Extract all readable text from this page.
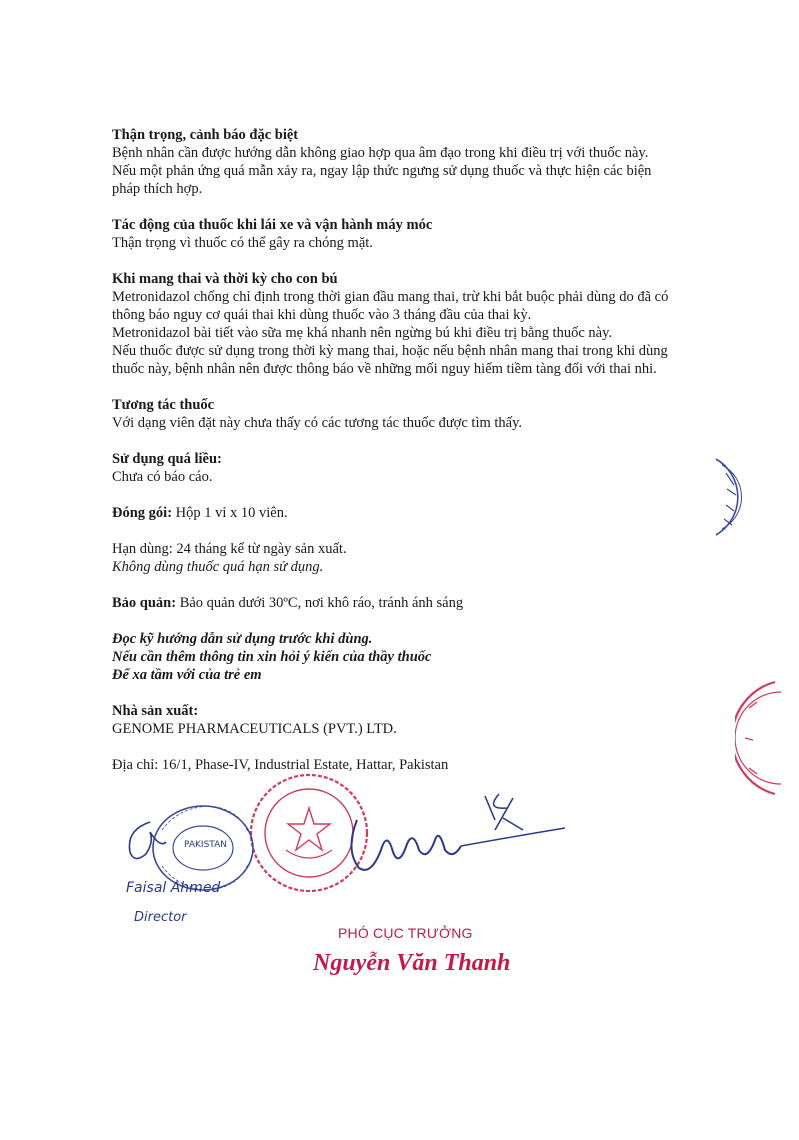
Thận trọng, cảnh báo đặc biệt

Bệnh nhân cần được hướng dẫn không giao hợp qua âm đạo trong khi điều trị với thuốc này.

Nếu một phản ứng quá mẫn xảy ra, ngay lập thức ngưng sử dụng thuốc và thực hiện các biện

pháp thích hợp.

Tác động của thuốc khi lái xe và vận hành máy móc

Thận trọng vì thuốc có thể gây ra chóng mặt.

Khi mang thai và thời kỳ cho con bú

Metronidazol chống chỉ định trong thời gian đầu mang thai, trừ khi bắt buộc phải dùng do đã có

thông báo nguy cơ quái thai khi dùng thuốc vào 3 tháng đầu của thai kỳ.

Metronidazol bài tiết vào sữa mẹ khá nhanh nên ngừng bú khi điều trị bằng thuốc này.

Nếu thuốc được sử dụng trong thời kỳ mang thai, hoặc nếu bệnh nhân mang thai trong khi dùng

thuốc này, bệnh nhân nên được thông báo về những mối nguy hiểm tiềm tàng đối với thai nhi.

Tương tác thuốc

Với dạng viên đặt này chưa thấy có các tương tác thuốc được tìm thấy.

Sử dụng quá liều:

Chưa có báo cáo.

Đóng gói: Hộp 1 vỉ x 10 viên.

Hạn dùng: 24 tháng kể từ ngày sản xuất.

Không dùng thuốc quá hạn sử dụng.

Bảo quản: Bảo quản dưới 30ºC, nơi khô ráo, tránh ánh sáng

Đọc kỹ hướng dẫn sử dụng trước khi dùng.

Nếu cần thêm thông tin xin hỏi ý kiến của thầy thuốc

Để xa tầm với của trẻ em

Nhà sản xuất:

GENOME PHARMACEUTICALS (PVT.) LTD.

Địa chỉ: 16/1, Phase-IV, Industrial Estate, Hattar, Pakistan

PAKISTAN
Faisal Ahmed
Director
PHÓ CỤC TRƯỞNG
Nguyễn Văn Thanh
